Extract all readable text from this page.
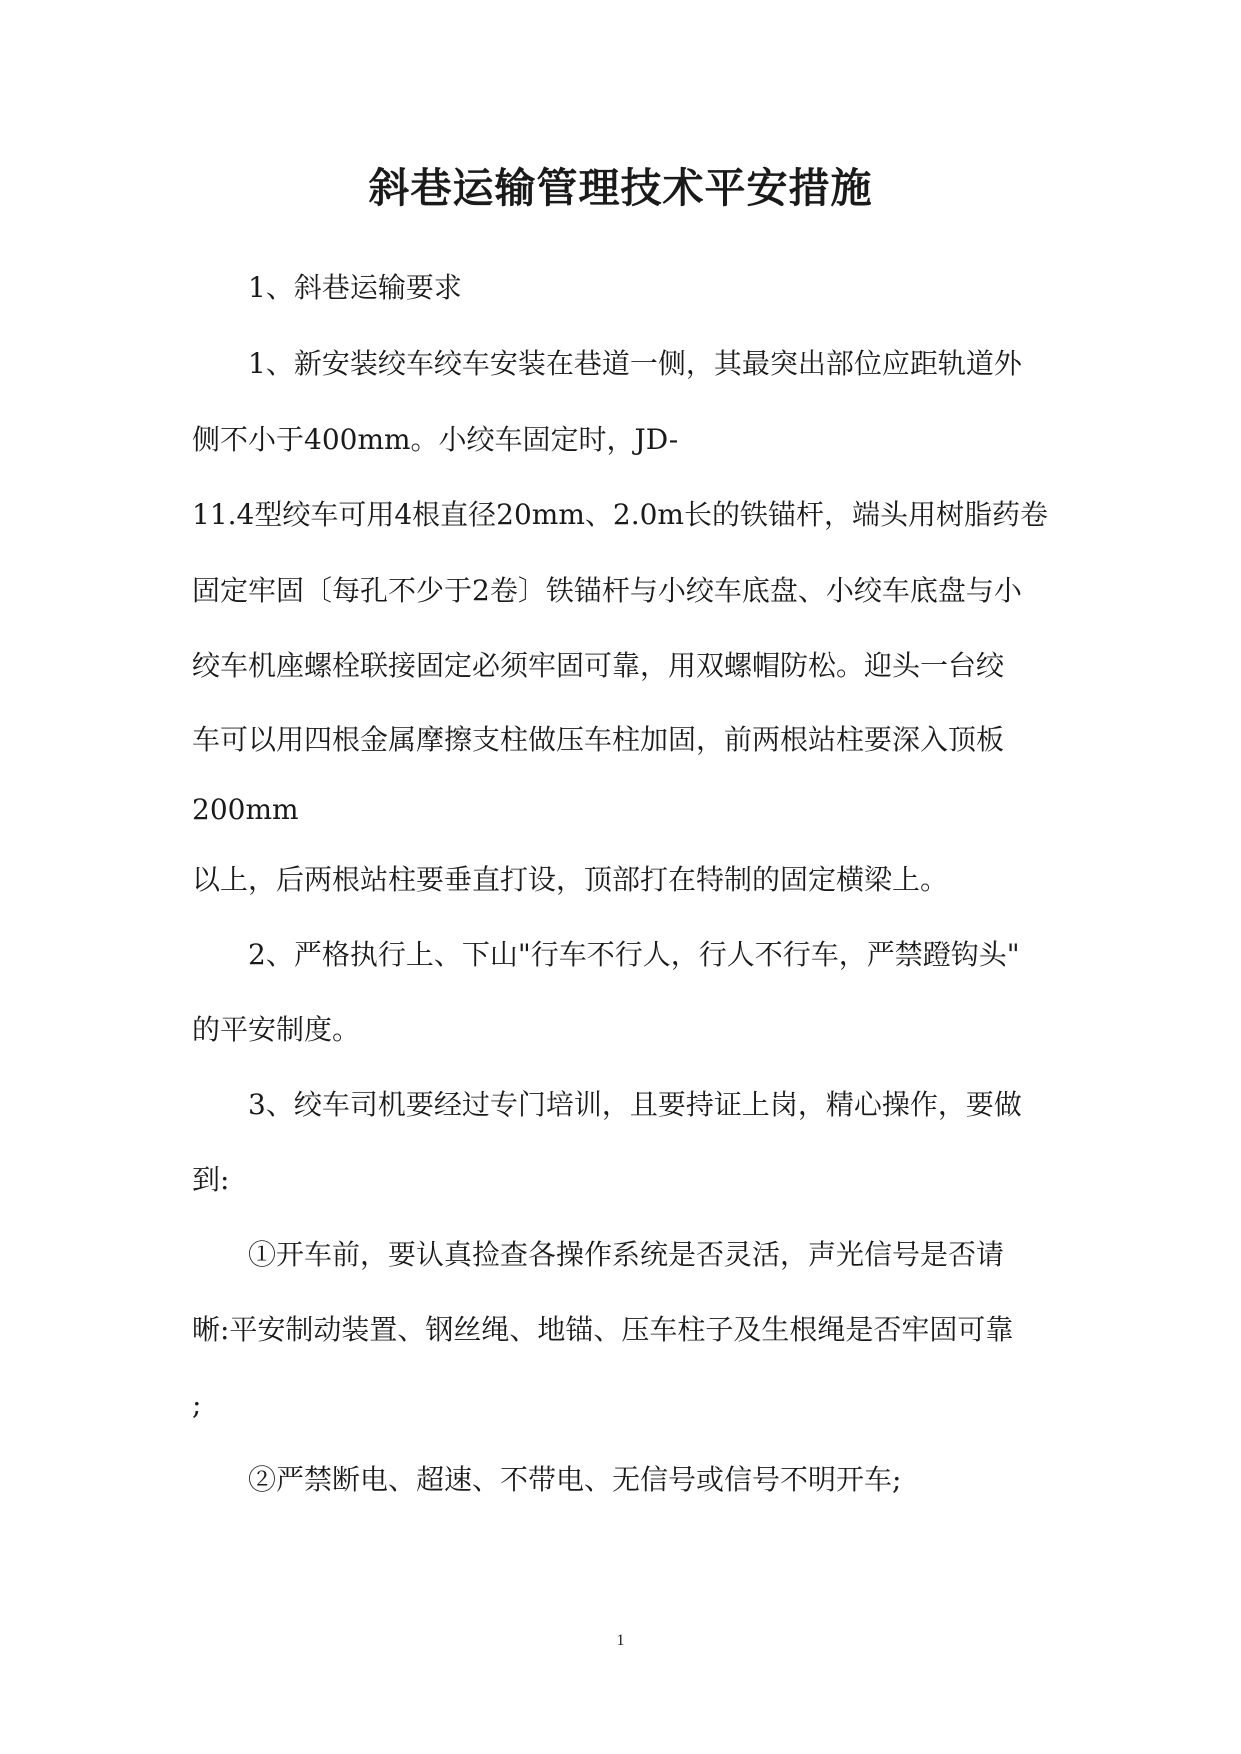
斜巷运输管理技术平安措施

1、斜巷运输要求

1、新安装绞车绞车安装在巷道一侧，其最突出部位应距轨道外

侧不小于400mm。小绞车固定时，JD-

11.4型绞车可用4根直径20mm、2.0m长的铁锚杆，端头用树脂药卷

固定牢固〔每孔不少于2卷〕铁锚杆与小绞车底盘、小绞车底盘与小

绞车机座螺栓联接固定必须牢固可靠，用双螺帽防松。迎头一台绞

车可以用四根金属摩擦支柱做压车柱加固，前两根站柱要深入顶板

200mm

以上，后两根站柱要垂直打设，顶部打在特制的固定横梁上。

2、严格执行上、下山"行车不行人，行人不行车，严禁蹬钩头"

的平安制度。

3、绞车司机要经过专门培训，且要持证上岗，精心操作，要做

到:

①开车前，要认真捡查各操作系统是否灵活，声光信号是否请

晰:平安制动装置、钢丝绳、地锚、压车柱子及生根绳是否牢固可靠

;

②严禁断电、超速、不带电、无信号或信号不明开车;

1
